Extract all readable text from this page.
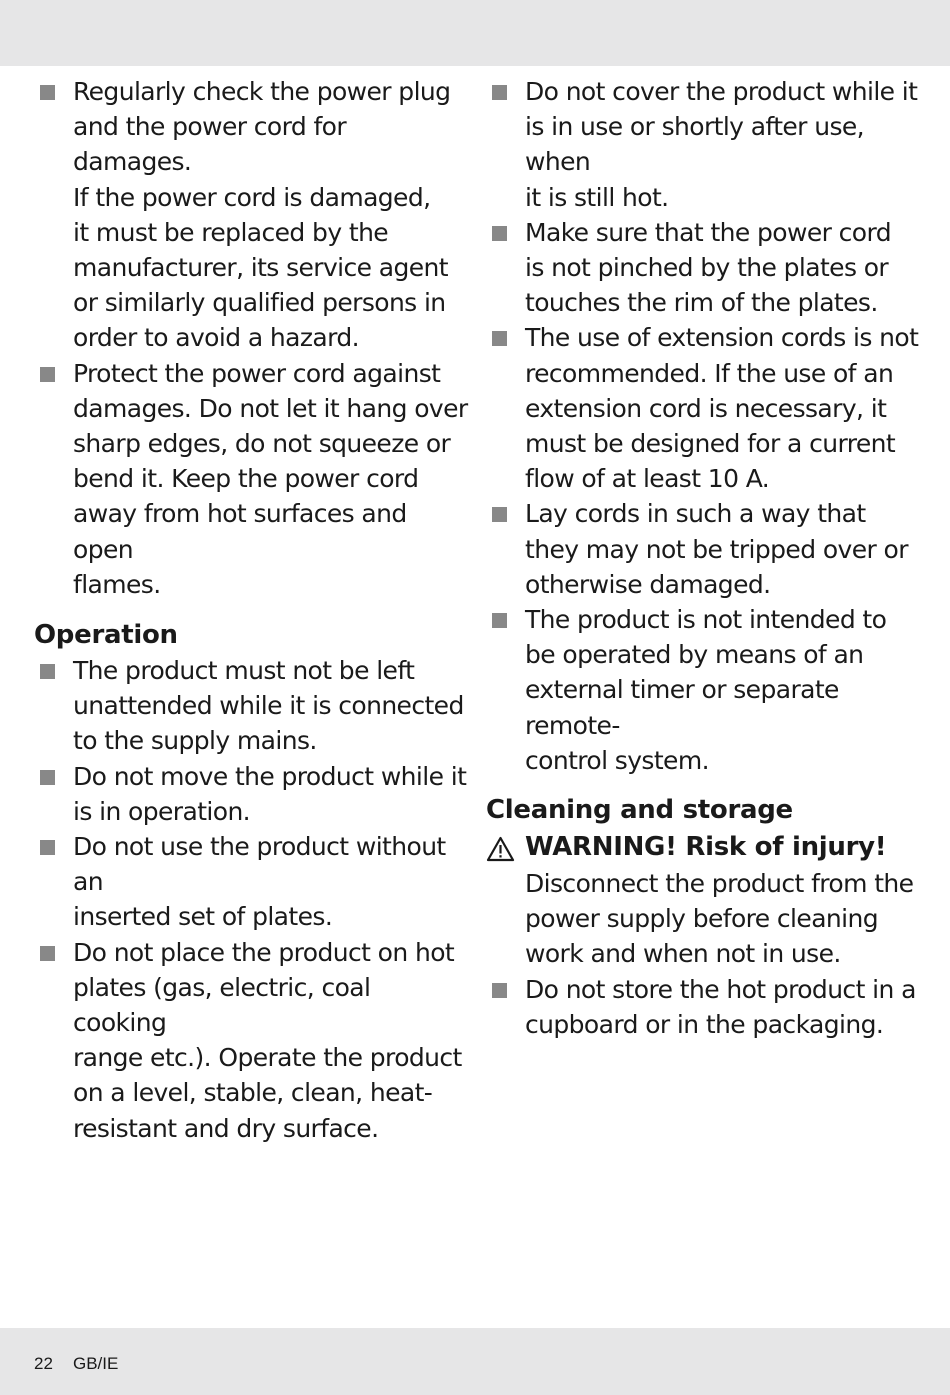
Regularly check the power plug
and the power cord for damages.
If the power cord is damaged,
it must be replaced by the
manufacturer, its service agent
or similarly qualified persons in
order to avoid a hazard.
Protect the power cord against
damages. Do not let it hang over
sharp edges, do not squeeze or
bend it. Keep the power cord
away from hot surfaces and open
flames.
Operation
The product must not be left
unattended while it is connected
to the supply mains.
Do not move the product while it
is in operation.
Do not use the product without an
inserted set of plates.
Do not place the product on hot
plates (gas, electric, coal cooking
range etc.). Operate the product
on a level, stable, clean, heat-
resistant and dry surface.
Do not cover the product while it
is in use or shortly after use, when
it is still hot.
Make sure that the power cord
is not pinched by the plates or
touches the rim of the plates.
The use of extension cords is not
recommended. If the use of an
extension cord is necessary, it
must be designed for a current
flow of at least 10 A.
Lay cords in such a way that
they may not be tripped over or
otherwise damaged.
The product is not intended to
be operated by means of an
external timer or separate remote-
control system.
Cleaning and storage
WARNING! Risk of injury!
Disconnect the product from the
power supply before cleaning
work and when not in use.
Do not store the hot product in a
cupboard or in the packaging.
22 GB/IE
